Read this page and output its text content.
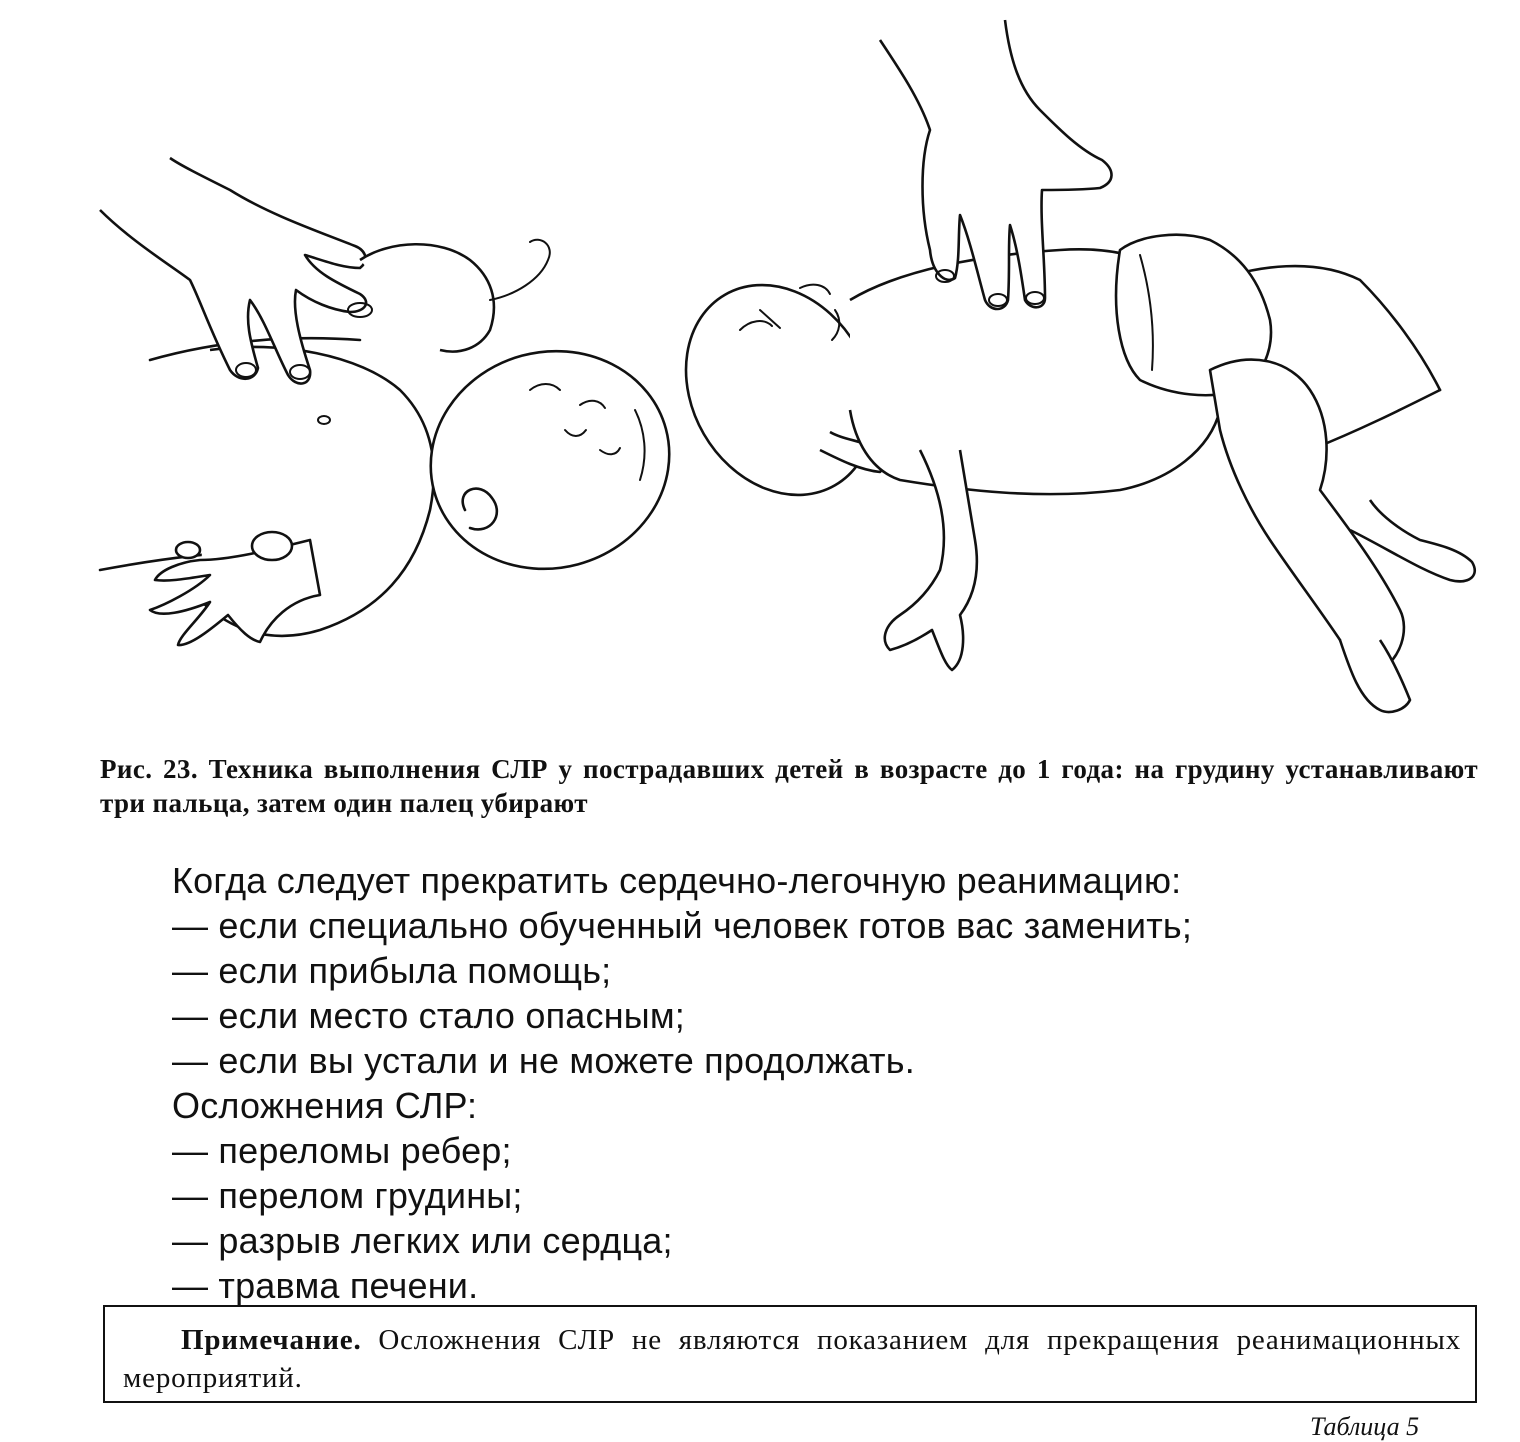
Рис. 23. Техника выполнения СЛР у пострадавших детей в возрасте до 1 года: на грудину устанавливают три пальца, затем один палец убирают
Когда следует прекратить сердечно-легочную реанимацию:
— если специально обученный человек готов вас заменить;
— если прибыла помощь;
— если место стало опасным;
— если вы устали и не можете продолжать.
Осложнения СЛР:
— переломы ребер;
— перелом грудины;
— разрыв легких или сердца;
— травма печени.
Примечание. Осложнения СЛР не являются показанием для прекращения реанимационных мероприятий.
Таблица 5
